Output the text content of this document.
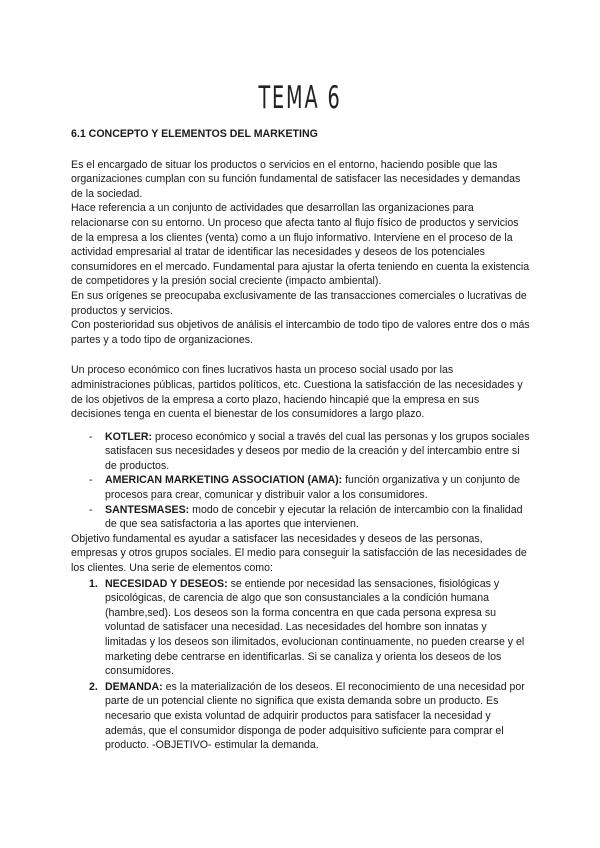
TEMA 6

6.1 CONCEPTO Y ELEMENTOS DEL MARKETING

Es el encargado de situar los productos o servicios en el entorno, haciendo posible que las organizaciones cumplan con su función fundamental de satisfacer las necesidades y demandas de la sociedad.

Hace referencia a un conjunto de actividades que desarrollan las organizaciones para relacionarse con su entorno. Un proceso que afecta tanto al flujo físico de productos y servicios de la empresa a los clientes (venta) como a un flujo informativo. Interviene en el proceso de la actividad empresarial al tratar de identificar las necesidades y deseos de los potenciales consumidores en el mercado. Fundamental para ajustar la oferta teniendo en cuenta la existencia de competidores y la presión social creciente (impacto ambiental).

En sus orígenes se preocupaba exclusivamente de las transacciones comerciales o lucrativas de productos y servicios.

Con posterioridad sus objetivos de análisis el intercambio de todo tipo de valores entre dos o más partes y a todo tipo de organizaciones.

Un proceso económico con fines lucrativos hasta un proceso social usado por las administraciones públicas, partidos políticos, etc. Cuestiona la satisfacción de las necesidades y de los objetivos de la empresa a corto plazo, haciendo hincapié que la empresa en sus decisiones tenga en cuenta el bienestar de los consumidores a largo plazo.

- KOTLER: proceso económico y social a través del cual las personas y los grupos sociales satisfacen sus necesidades y deseos por medio de la creación y del intercambio entre si de productos.
- AMERICAN MARKETING ASSOCIATION (AMA): función organizativa y un conjunto de procesos para crear, comunicar y distribuir valor a los consumidores.
- SANTESMASES: modo de concebir y ejecutar la relación de intercambio con la finalidad de que sea satisfactoria a las aportes que intervienen.

Objetivo fundamental es ayudar a satisfacer las necesidades y deseos de las personas, empresas y otros grupos sociales. El medio para conseguir la satisfacción de las necesidades de los clientes. Una serie de elementos como:

1. NECESIDAD Y DESEOS: se entiende por necesidad las sensaciones, fisiológicas y psicológicas, de carencia de algo que son consustanciales a la condición humana (hambre,sed). Los deseos son la forma concentra en que cada persona expresa su voluntad de satisfacer una necesidad. Las necesidades del hombre son innatas y limitadas y los deseos son ilimitados, evolucionan continuamente, no pueden crearse y el marketing debe centrarse en identificarlas. Si se canaliza y orienta los deseos de los consumidores.
2. DEMANDA: es la materialización de los deseos. El reconocimiento de una necesidad por parte de un potencial cliente no significa que exista demanda sobre un producto. Es necesario que exista voluntad de adquirir productos para satisfacer la necesidad y además, que el consumidor disponga de poder adquisitivo suficiente para comprar el producto. -OBJETIVO- estimular la demanda.
